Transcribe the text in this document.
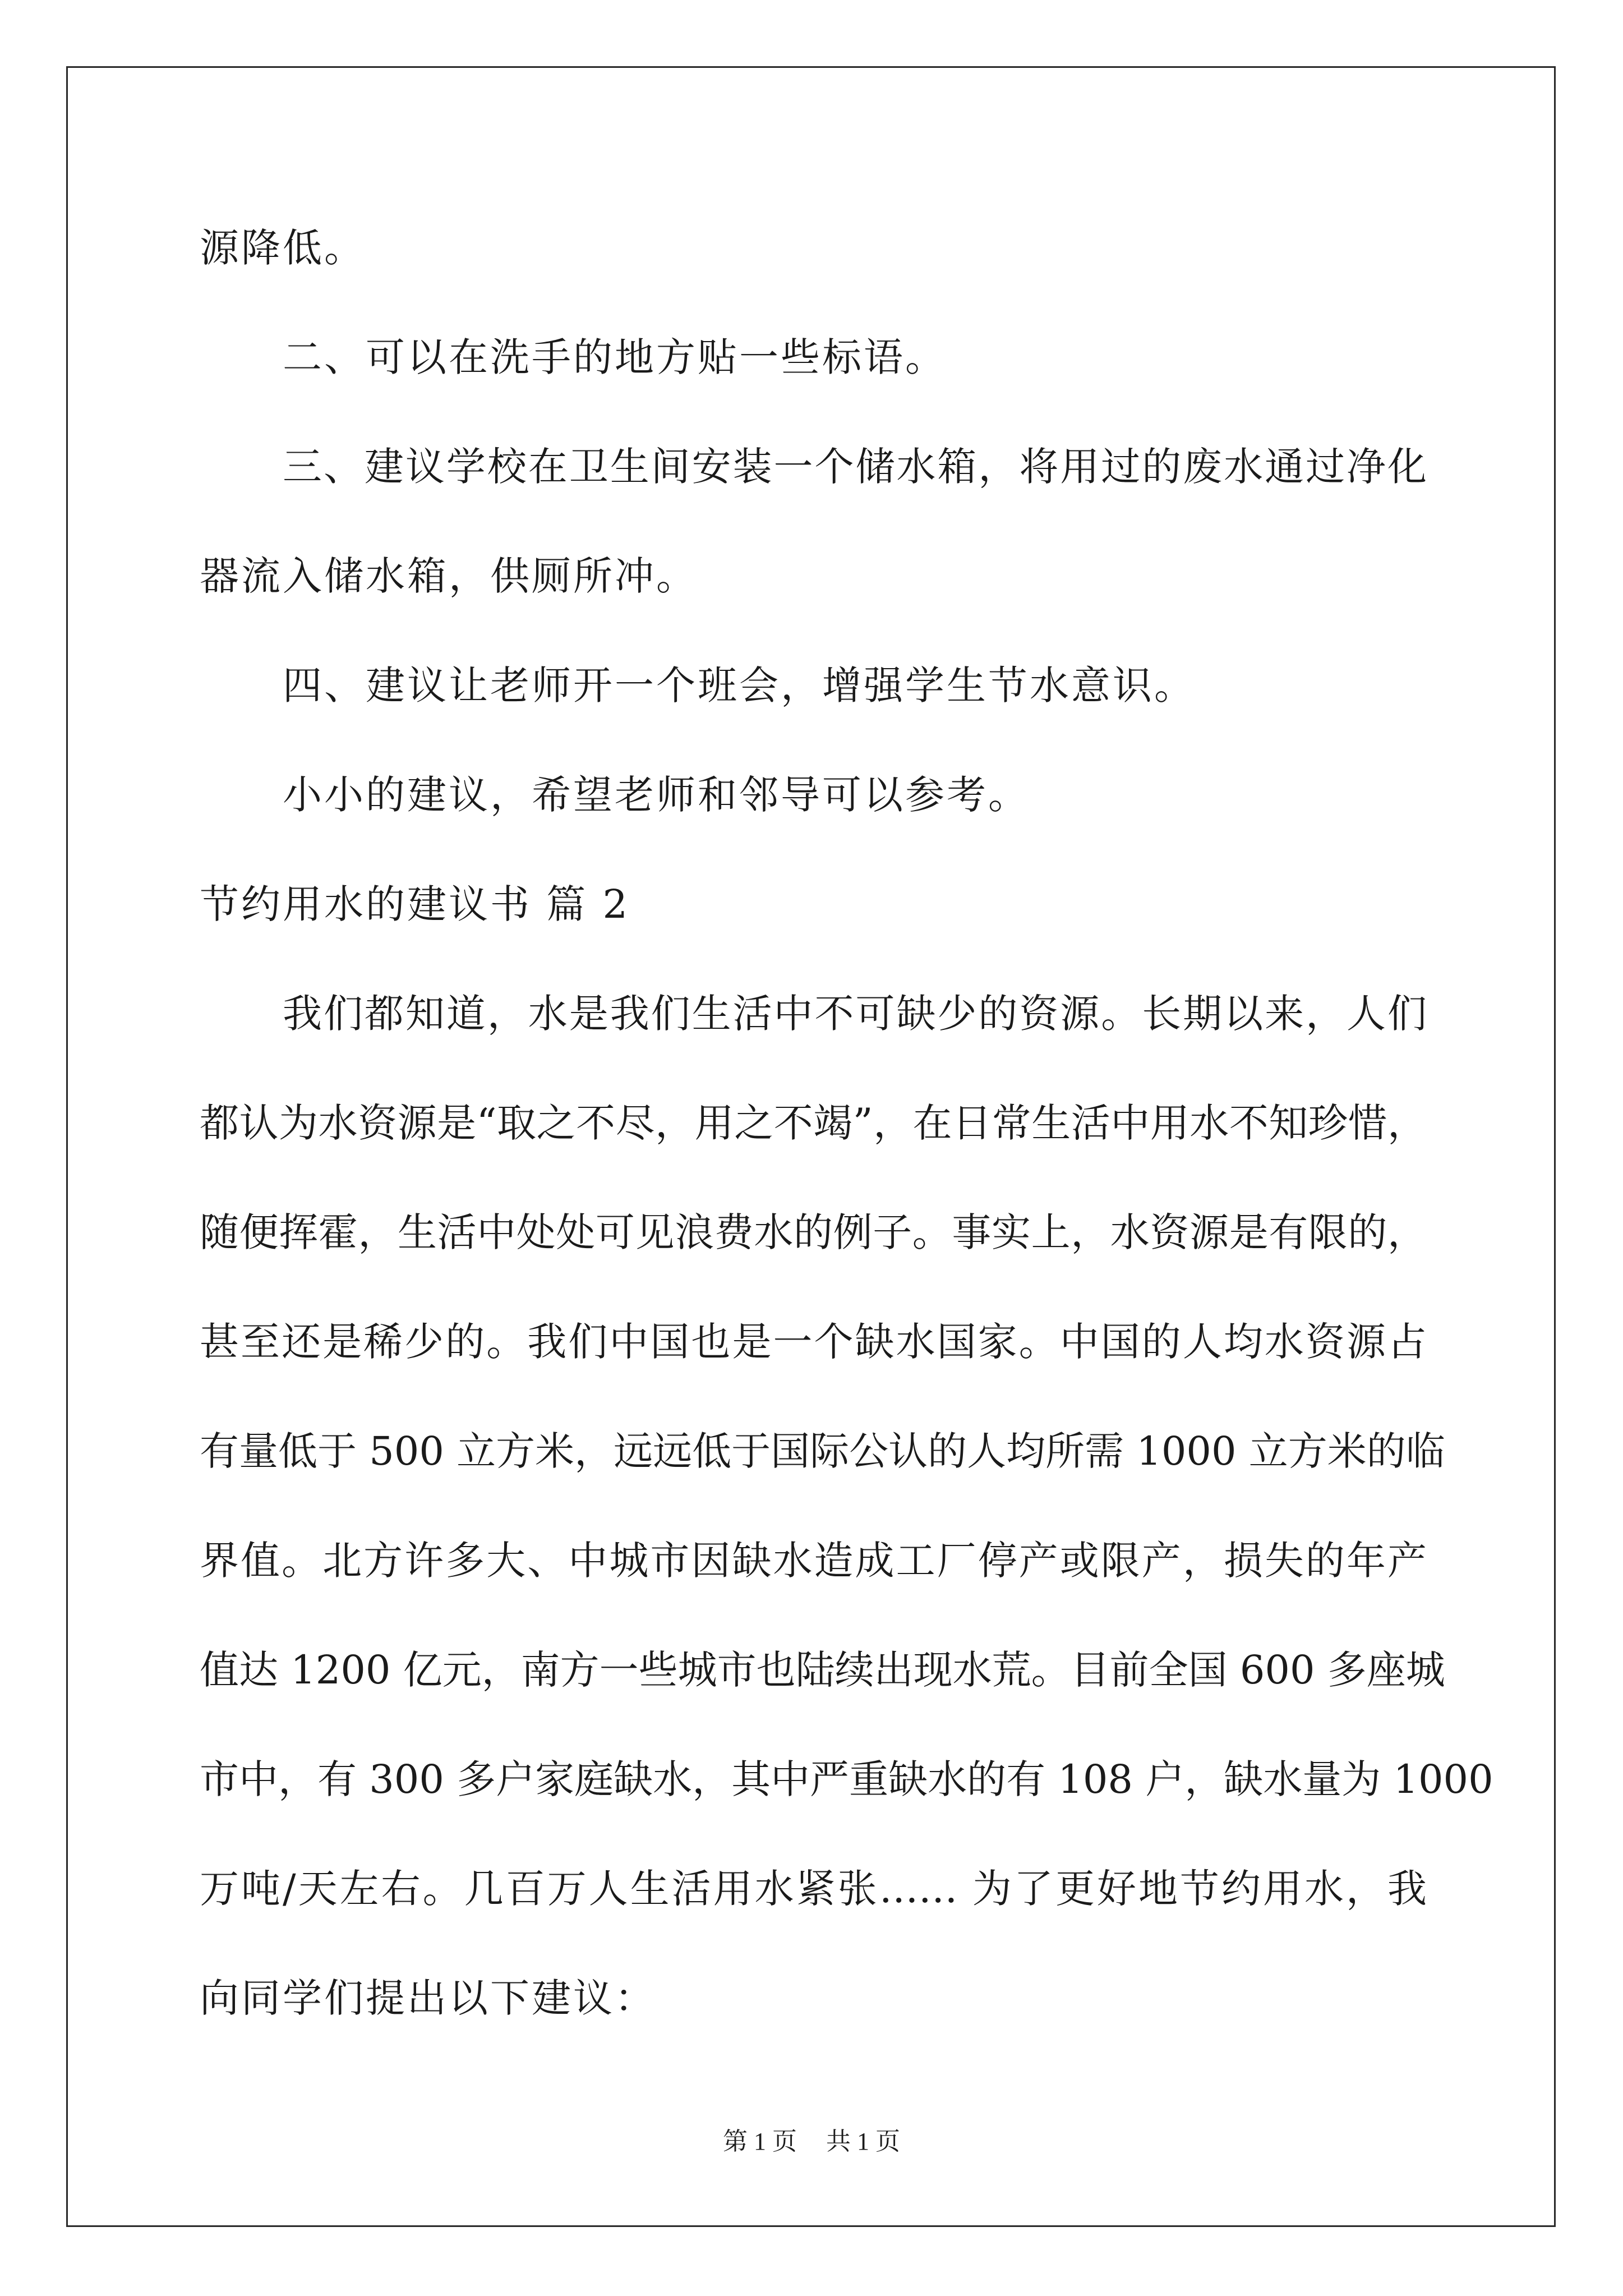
源降低。
二、可以在洗手的地方贴一些标语。
三、建议学校在卫生间安装一个储水箱，将用过的废水通过净化
器流入储水箱，供厕所冲。
四、建议让老师开一个班会，增强学生节水意识。
小小的建议，希望老师和邻导可以参考。
节约用水的建议书 篇 2
我们都知道，水是我们生活中不可缺少的资源。长期以来，人们
都认为水资源是“取之不尽，用之不竭”，在日常生活中用水不知珍惜，
随便挥霍，生活中处处可见浪费水的例子。事实上，水资源是有限的，
甚至还是稀少的。我们中国也是一个缺水国家。中国的人均水资源占
有量低于 500 立方米，远远低于国际公认的人均所需 1000 立方米的临
界值。北方许多大、中城市因缺水造成工厂停产或限产，损失的年产
值达 1200 亿元，南方一些城市也陆续出现水荒。目前全国 600 多座城
市中，有 300 多户家庭缺水，其中严重缺水的有 108 户，缺水量为 1000
万吨/天左右。几百万人生活用水紧张…… 为了更好地节约用水，我
向同学们提出以下建议：
第 1 页 共 1 页
